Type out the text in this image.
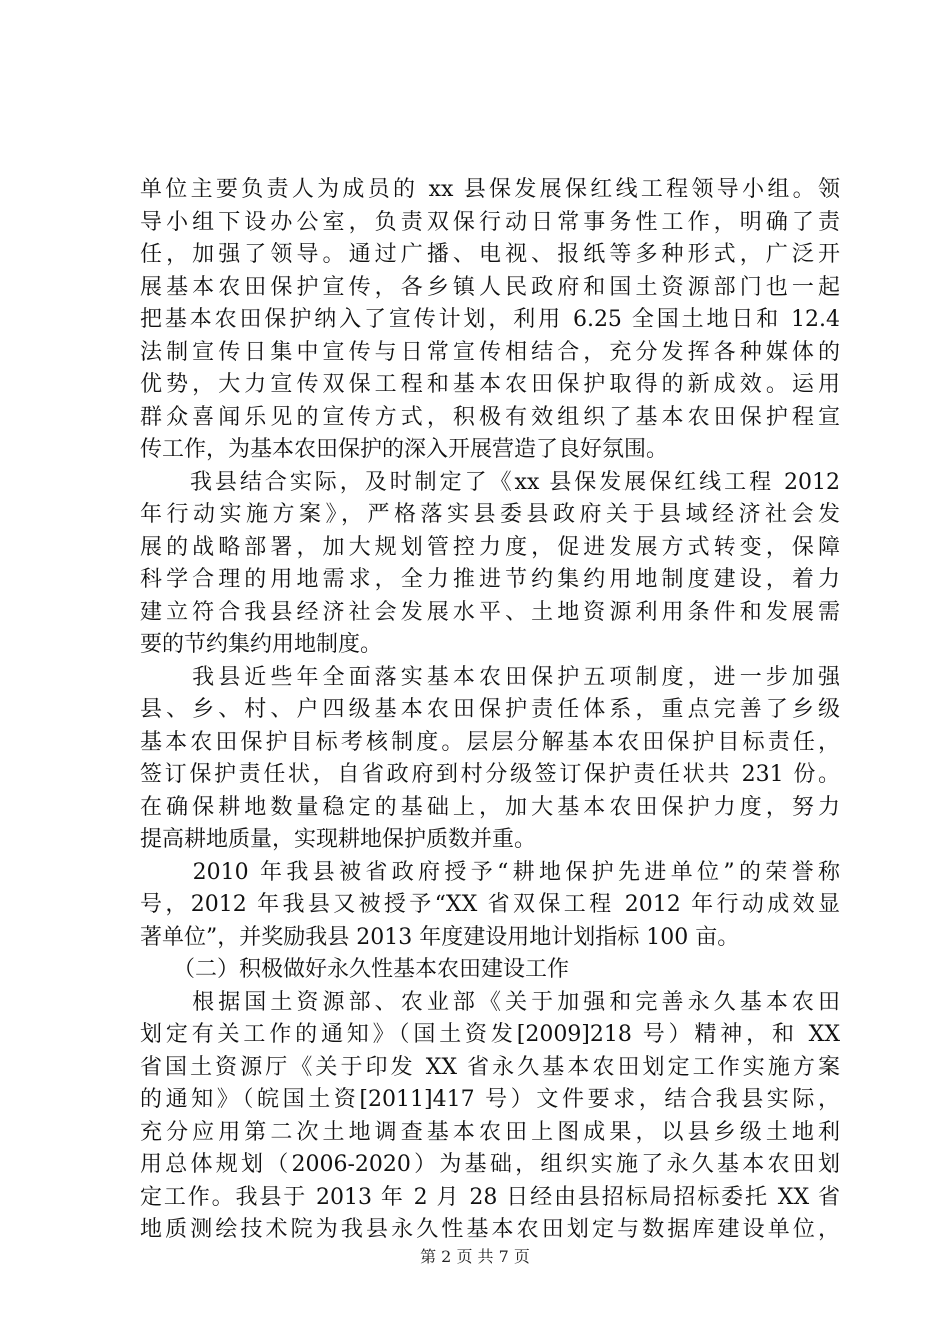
单位主要负责人为成员的 xx 县保发展保红线工程领导小组。领
导小组下设办公室，负责双保行动日常事务性工作，明确了责
任，加强了领导。通过广播、电视、报纸等多种形式，广泛开
展基本农田保护宣传，各乡镇人民政府和国土资源部门也一起
把基本农田保护纳入了宣传计划，利用 6.25 全国土地日和 12.4
法制宣传日集中宣传与日常宣传相结合，充分发挥各种媒体的
优势，大力宣传双保工程和基本农田保护取得的新成效。运用
群众喜闻乐见的宣传方式，积极有效组织了基本农田保护程宣
传工作，为基本农田保护的深入开展营造了良好氛围。
　　我县结合实际，及时制定了《xx 县保发展保红线工程 2012
年行动实施方案》，严格落实县委县政府关于县域经济社会发
展的战略部署，加大规划管控力度，促进发展方式转变，保障
科学合理的用地需求，全力推进节约集约用地制度建设，着力
建立符合我县经济社会发展水平、土地资源利用条件和发展需
要的节约集约用地制度。
　　我县近些年全面落实基本农田保护五项制度，进一步加强
县、乡、村、户四级基本农田保护责任体系，重点完善了乡级
基本农田保护目标考核制度。层层分解基本农田保护目标责任，
签订保护责任状，自省政府到村分级签订保护责任状共 231 份。
在确保耕地数量稳定的基础上，加大基本农田保护力度，努力
提高耕地质量，实现耕地保护质数并重。
　　2010 年我县被省政府授予“耕地保护先进单位”的荣誉称
号，2012 年我县又被授予“XX 省双保工程 2012 年行动成效显
著单位”，并奖励我县 2013 年度建设用地计划指标 100 亩。
　　（二）积极做好永久性基本农田建设工作
　　根据国土资源部、农业部《关于加强和完善永久基本农田
划定有关工作的通知》（国土资发[2009]218 号）精神，和 XX
省国土资源厅《关于印发 XX 省永久基本农田划定工作实施方案
的通知》（皖国土资[2011]417 号）文件要求，结合我县实际，
充分应用第二次土地调查基本农田上图成果，以县乡级土地利
用总体规划（2006-2020）为基础，组织实施了永久基本农田划
定工作。我县于 2013 年 2 月 28 日经由县招标局招标委托 XX 省
地质测绘技术院为我县永久性基本农田划定与数据库建设单位，
第 2 页 共 7 页
